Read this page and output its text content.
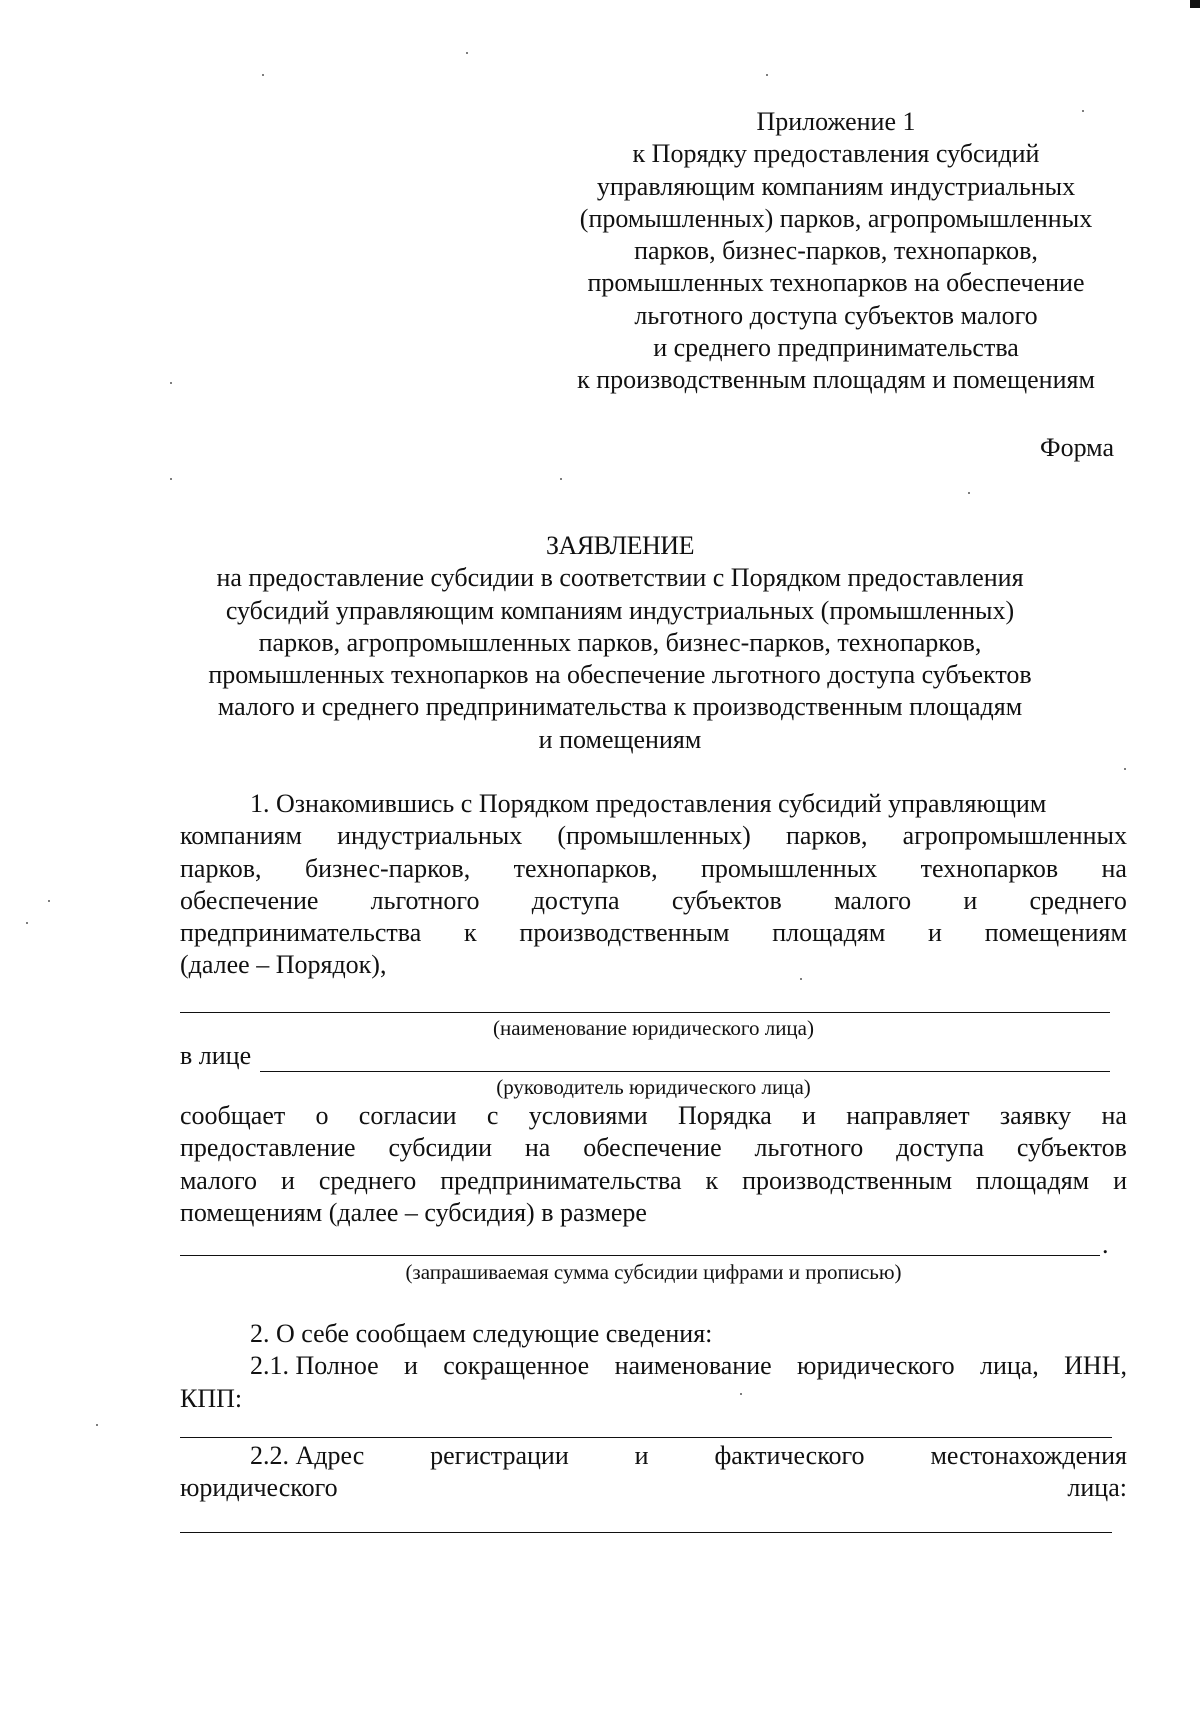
Приложение 1
к Порядку предоставления субсидий
управляющим компаниям индустриальных
(промышленных) парков, агропромышленных
парков, бизнес-парков, технопарков,
промышленных технопарков на обеспечение
льготного доступа субъектов малого
и среднего предпринимательства
к производственным площадям и помещениям
Форма
ЗАЯВЛЕНИЕ
на предоставление субсидии в соответствии с Порядком предоставления
субсидий управляющим компаниям индустриальных (промышленных)
парков, агропромышленных парков, бизнес-парков, технопарков,
промышленных технопарков на обеспечение льготного доступа субъектов
малого и среднего предпринимательства к производственным площадям
и помещениям
1. Ознакомившись с Порядком предоставления субсидий управляющим
компаниям индустриальных (промышленных) парков, агропромышленных
парков, бизнес-парков, технопарков, промышленных технопарков на
обеспечение льготного доступа субъектов малого и среднего
предпринимательства к производственным площадям и помещениям
(далее – Порядок),
(наименование юридического лица)
в лице
(руководитель юридического лица)
сообщает о согласии с условиями Порядка и направляет заявку на
предоставление субсидии на обеспечение льготного доступа субъектов
малого и среднего предпринимательства к производственным площадям и
помещениям (далее – субсидия) в размере
.
(запрашиваемая сумма субсидии цифрами и прописью)
2. О себе сообщаем следующие сведения:
2.1. Полное и сокращенное наименование юридического лица, ИНН,
КПП:
2.2. Адрес	регистрации	и	фактического	местонахождения
юридического	лица:
